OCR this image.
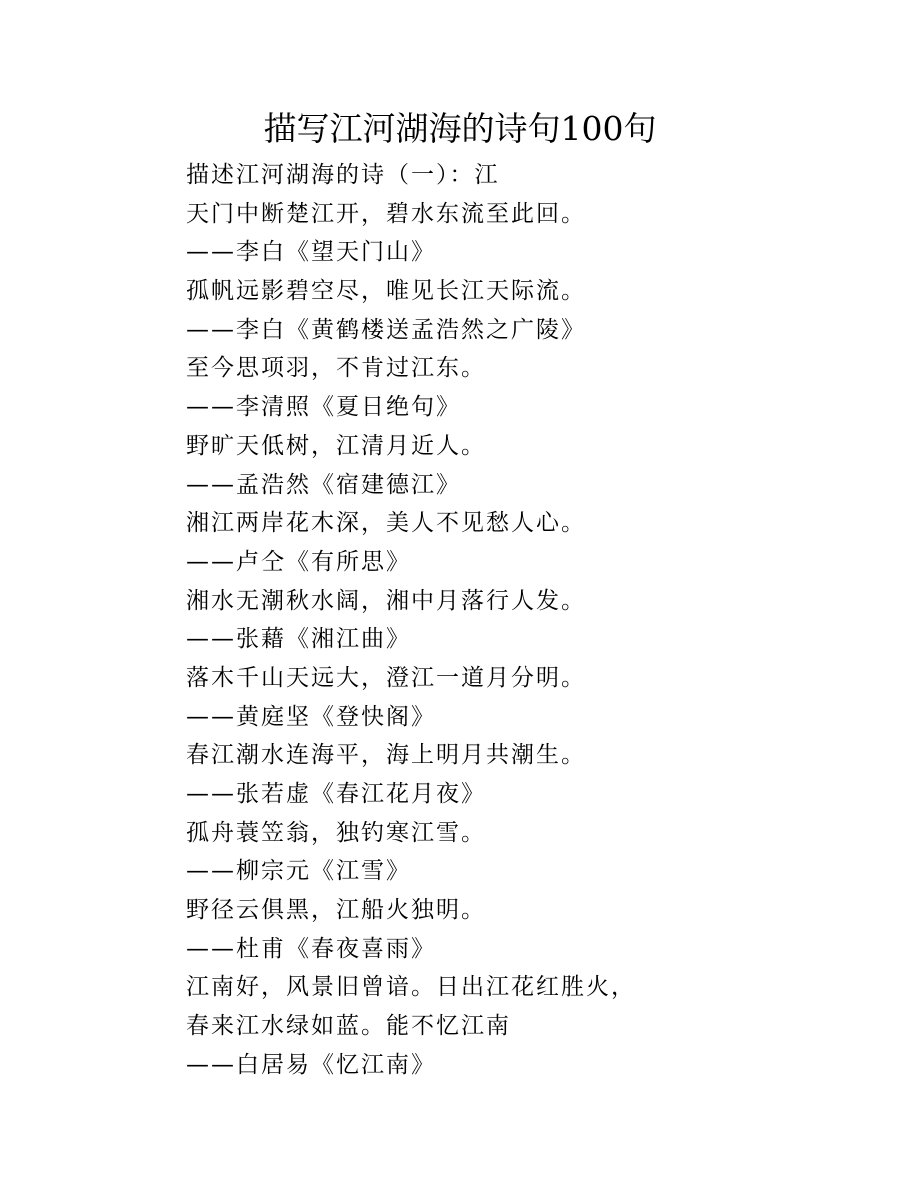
描写江河湖海的诗句100句
描述江河湖海的诗（一）：江
天门中断楚江开，碧水东流至此回。
——李白《望天门山》
孤帆远影碧空尽，唯见长江天际流。
——李白《黄鹤楼送孟浩然之广陵》
至今思项羽，不肯过江东。
——李清照《夏日绝句》
野旷天低树，江清月近人。
——孟浩然《宿建德江》
湘江两岸花木深，美人不见愁人心。
——卢仝《有所思》
湘水无潮秋水阔，湘中月落行人发。
——张藉《湘江曲》
落木千山天远大，澄江一道月分明。
——黄庭坚《登快阁》
春江潮水连海平，海上明月共潮生。
——张若虚《春江花月夜》
孤舟蓑笠翁，独钓寒江雪。
——柳宗元《江雪》
野径云俱黑，江船火独明。
——杜甫《春夜喜雨》
江南好，风景旧曾谙。日出江花红胜火，
春来江水绿如蓝。能不忆江南
——白居易《忆江南》
